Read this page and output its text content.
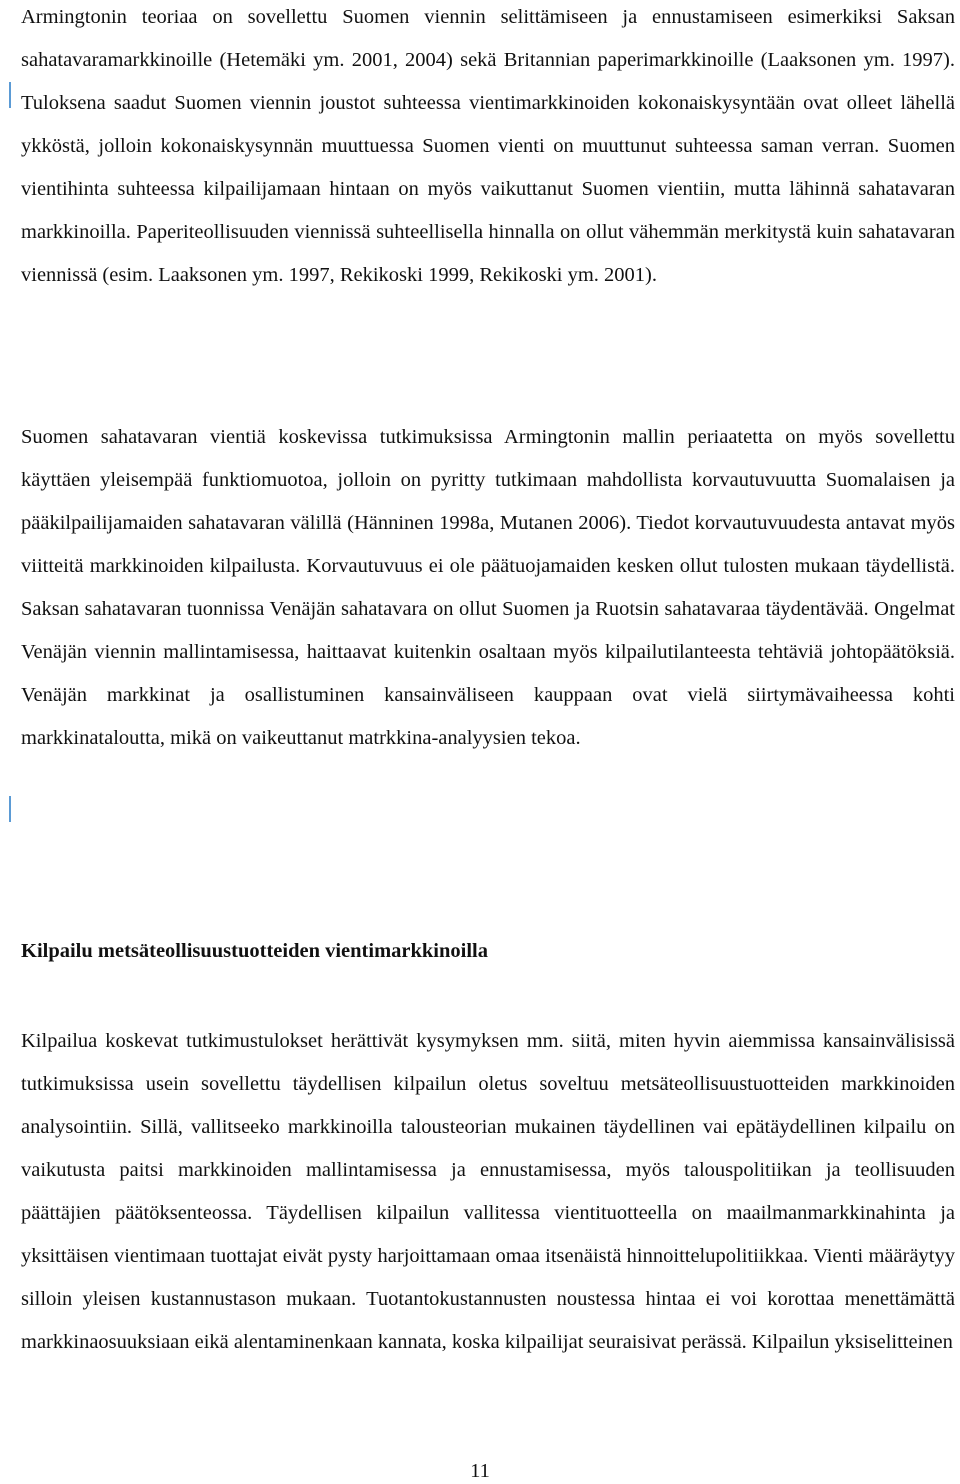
Armingtonin teoriaa on sovellettu Suomen viennin selittämiseen ja ennustamiseen esimerkiksi Saksan sahatavaramarkkinoille (Hetemäki ym. 2001, 2004) sekä Britannian paperimarkkinoille (Laaksonen ym. 1997). Tuloksena saadut Suomen viennin joustot suhteessa vientimarkkinoiden kokonaiskysyntään ovat olleet lähellä ykköstä, jolloin kokonaiskysynnän muuttuessa Suomen vienti on muuttunut suhteessa saman verran. Suomen vientihinta suhteessa kilpailijamaan hintaan on myös vaikuttanut Suomen vientiin, mutta lähinnä sahatavaran markkinoilla. Paperiteollisuuden viennissä suhteellisella hinnalla on ollut vähemmän merkitystä kuin sahatavaran viennissä (esim. Laaksonen ym. 1997, Rekikoski 1999, Rekikoski ym. 2001).

Suomen sahatavaran vientiä koskevissa tutkimuksissa Armingtonin mallin periaatetta on myös sovellettu käyttäen yleisempää funktiomuotoa, jolloin on pyritty tutkimaan mahdollista korvautuvuutta Suomalaisen ja pääkilpailijamaiden sahatavaran välillä (Hänninen 1998a, Mutanen 2006). Tiedot korvautuvuudesta antavat myös viitteitä markkinoiden kilpailusta. Korvautuvuus ei ole päätuojamaiden kesken ollut tulosten mukaan täydellistä. Saksan sahatavaran tuonnissa Venäjän sahatavara on ollut Suomen ja Ruotsin sahatavaraa täydentävää. Ongelmat Venäjän viennin mallintamisessa, haittaavat kuitenkin osaltaan myös kilpailutilanteesta tehtäviä johtopäätöksiä. Venäjän markkinat ja osallistuminen kansainväliseen kauppaan ovat vielä siirtymävaiheessa kohti markkinataloutta, mikä on vaikeuttanut matrkkina-analyysien tekoa.

Kilpailu metsäteollisuustuotteiden vientimarkkinoilla

Kilpailua koskevat tutkimustulokset herättivät kysymyksen mm. siitä, miten hyvin aiemmissa kansainvälisissä tutkimuksissa usein sovellettu täydellisen kilpailun oletus soveltuu metsäteollisuustuotteiden markkinoiden analysointiin. Sillä, vallitseeko markkinoilla talousteorian mukainen täydellinen vai epätäydellinen kilpailu on vaikutusta paitsi markkinoiden mallintamisessa ja ennustamisessa, myös talouspolitiikan ja teollisuuden päättäjien päätöksenteossa. Täydellisen kilpailun vallitessa vientituotteella on maailmanmarkkinahinta ja yksittäisen vientimaan tuottajat eivät pysty harjoittamaan omaa itsenäistä hinnoittelupolitiikkaa. Vienti määräytyy silloin yleisen kustannustason mukaan. Tuotantokustannusten noustessa hintaa ei voi korottaa menettämättä markkinaosuuksiaan eikä alentaminenkaan kannata, koska kilpailijat seuraisivat perässä. Kilpailun yksiselitteinen

11
